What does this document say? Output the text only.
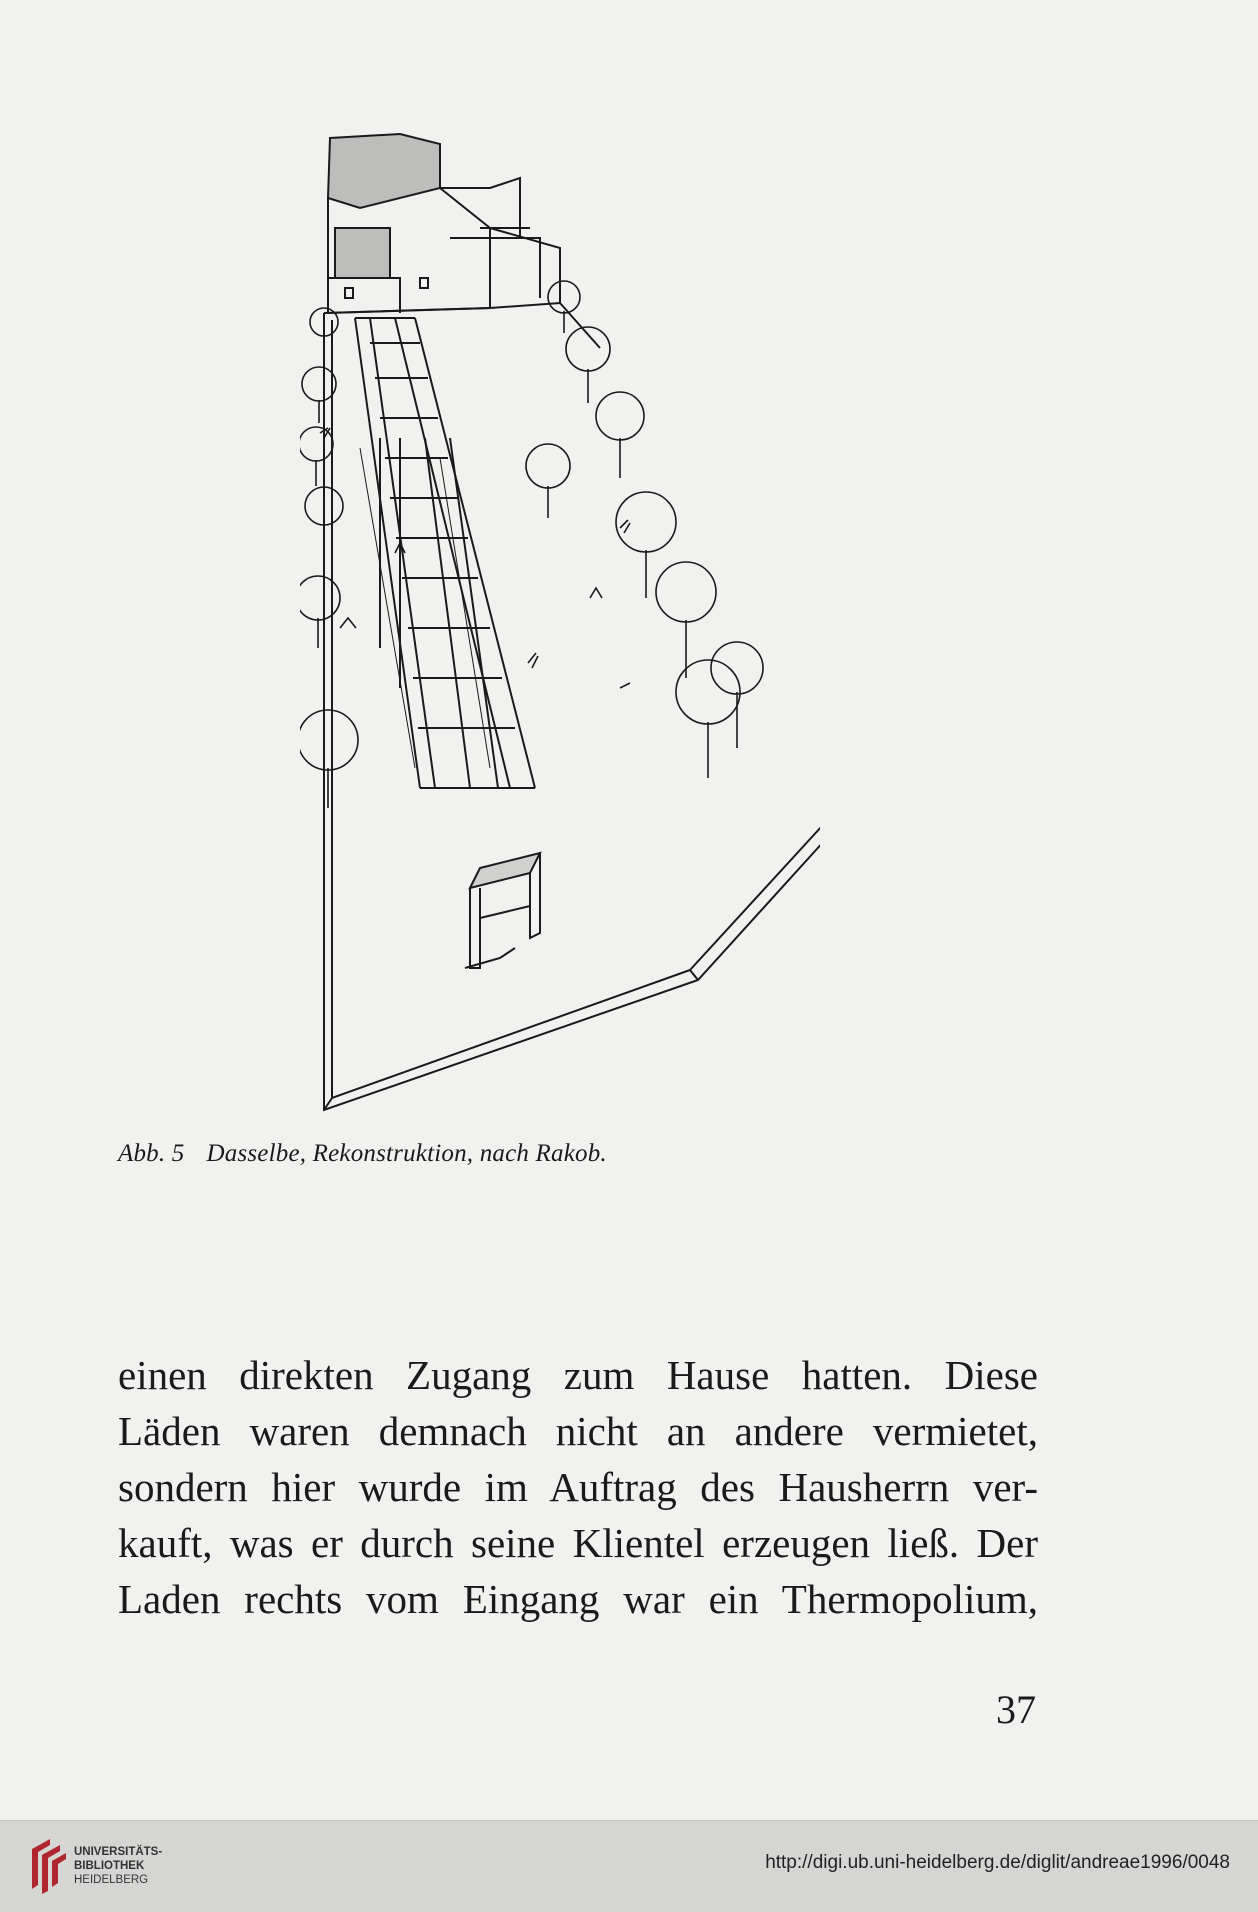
Abb. 5 Dasselbe, Rekonstruktion, nach Rakob.
einen direkten Zugang zum Hause hatten. Diese
Läden waren demnach nicht an andere vermietet,
sondern hier wurde im Auftrag des Hausherrn ver-
kauft, was er durch seine Klientel erzeugen ließ. Der
Laden rechts vom Eingang war ein Thermopolium,
37
UNIVERSITÄTS-
BIBLIOTHEK
HEIDELBERG
http://digi.ub.uni-heidelberg.de/diglit/andreae1996/0048
